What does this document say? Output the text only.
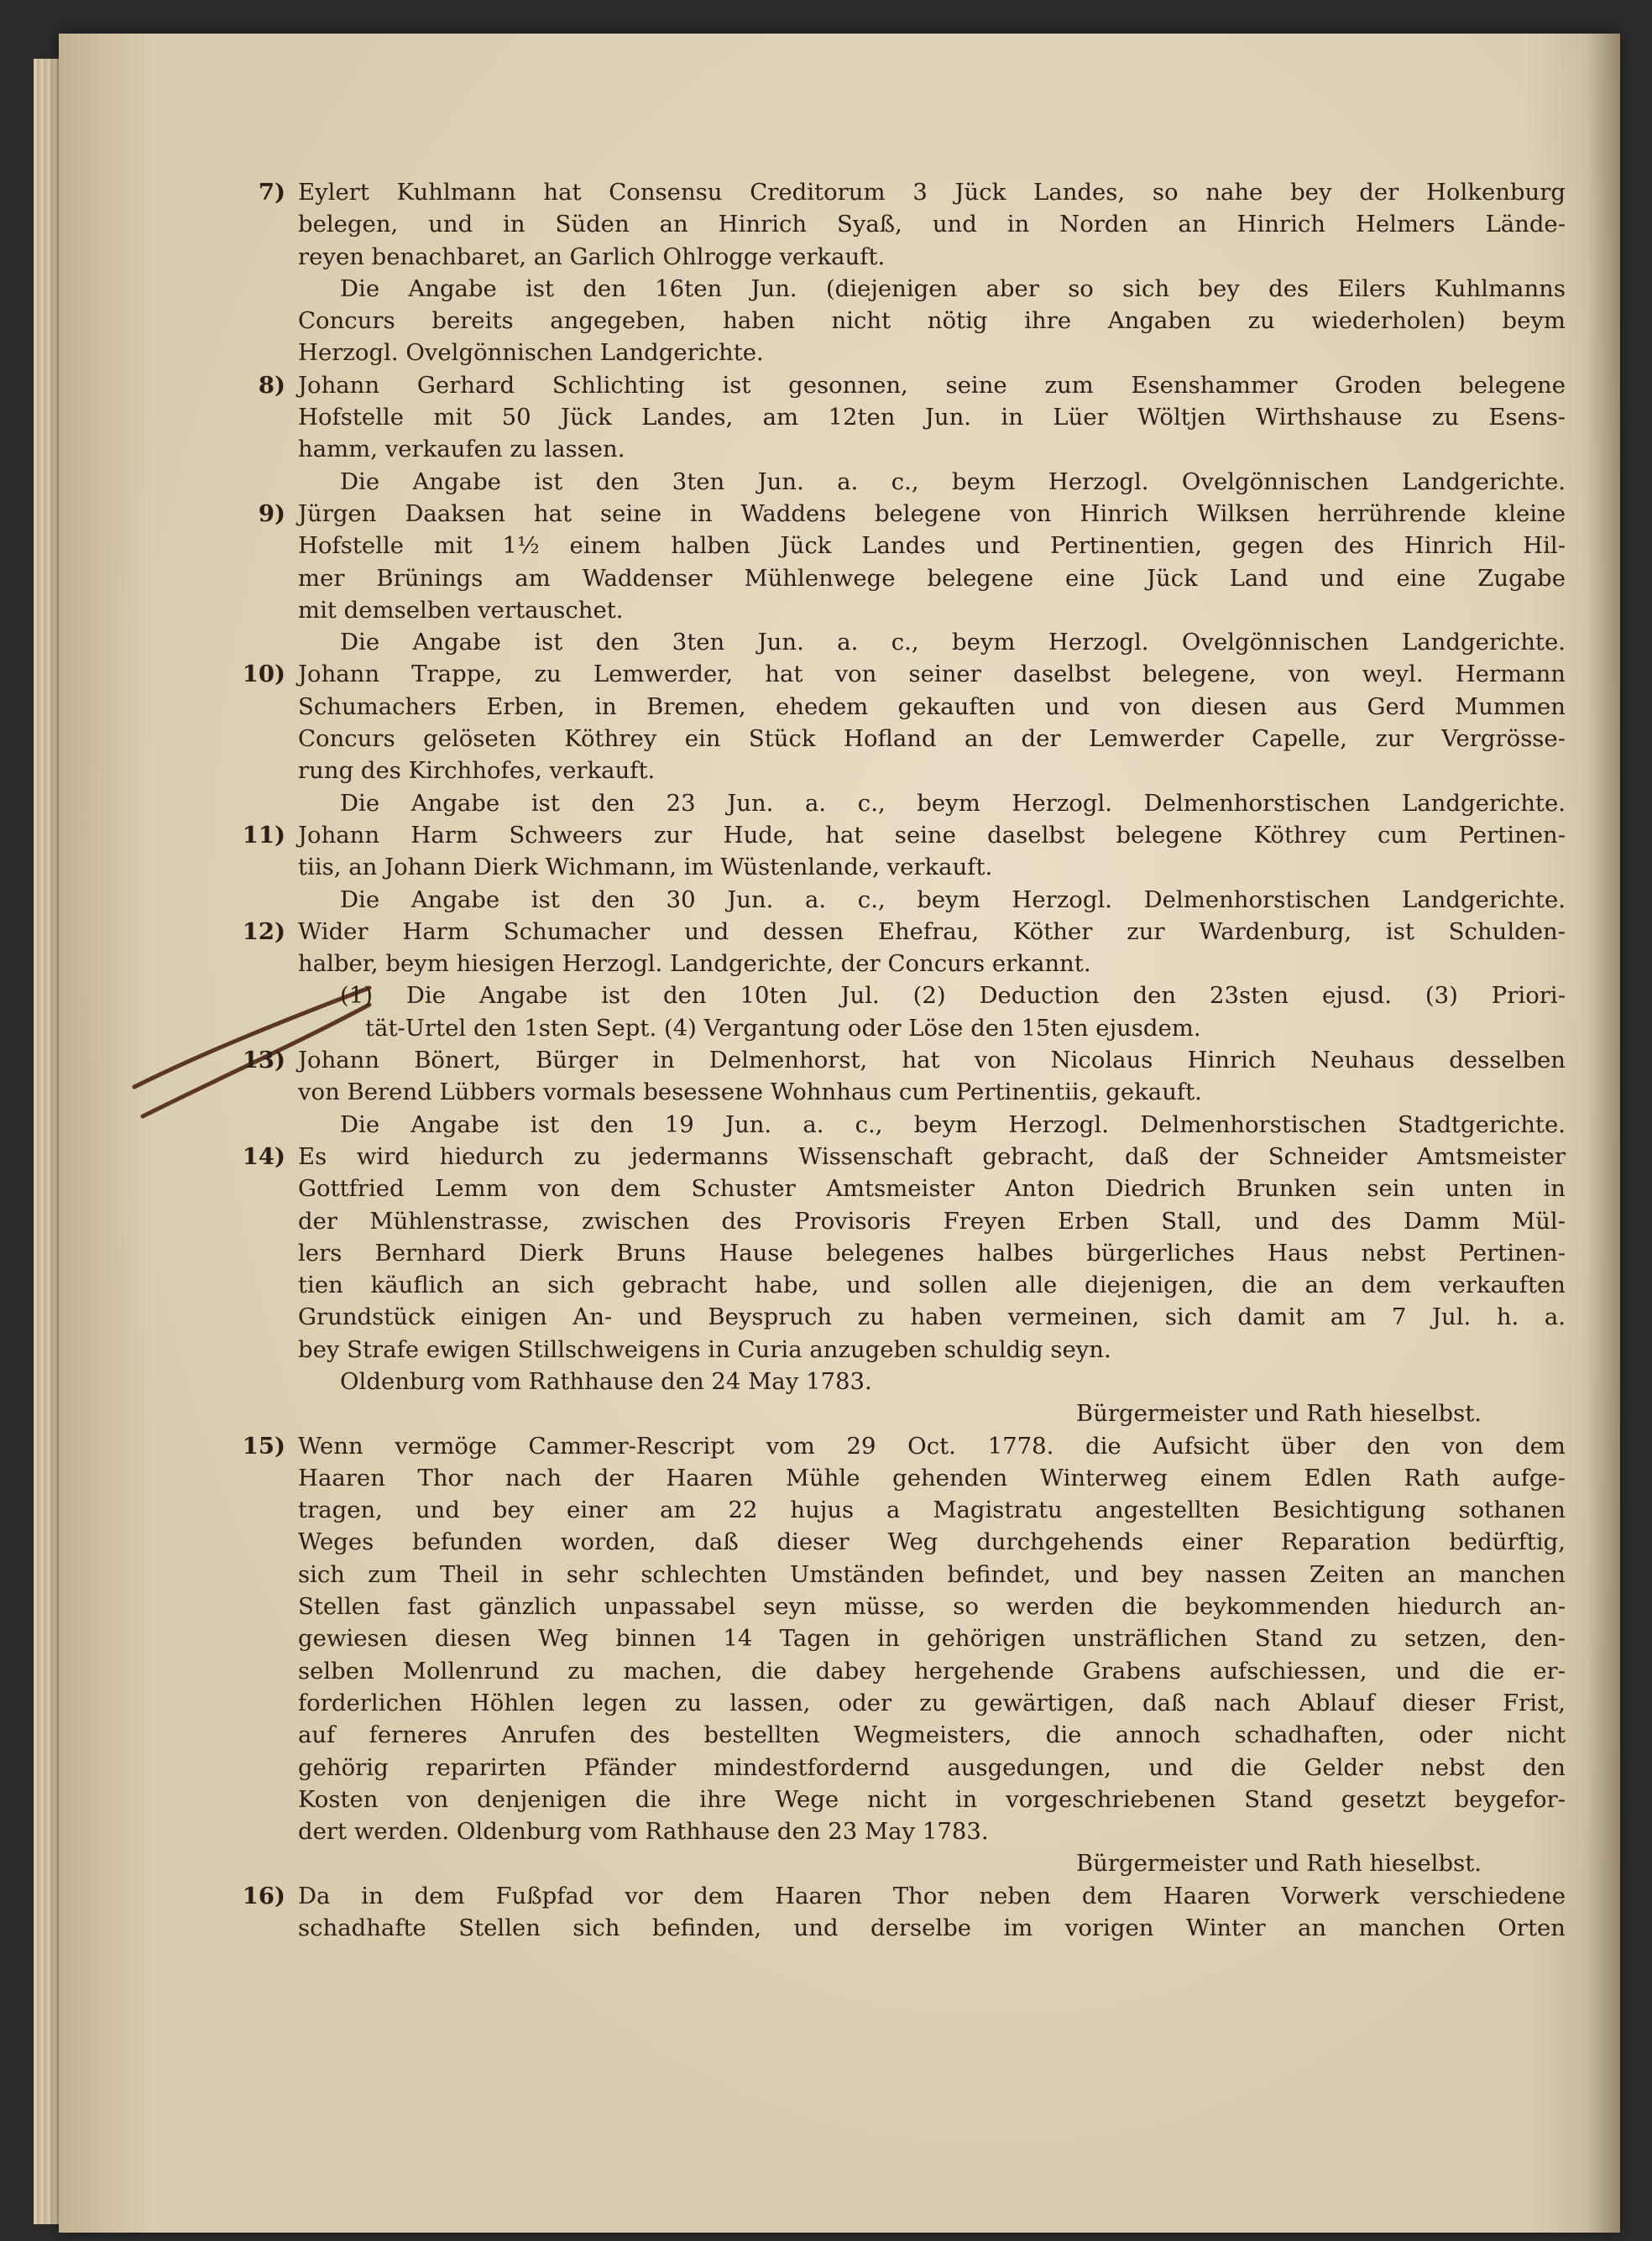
7) Eylert Kuhlmann hat Consensu Creditorum 3 Jück Landes, so nahe bey der Holkenburg
belegen, und in Süden an Hinrich Syaß, und in Norden an Hinrich Helmers Lände-
reyen benachbaret, an Garlich Ohlrogge verkauft.
Die Angabe ist den 16ten Jun. (diejenigen aber so sich bey des Eilers Kuhlmanns
Concurs bereits angegeben, haben nicht nötig ihre Angaben zu wiederholen) beym
Herzogl. Ovelgönnischen Landgerichte.
8) Johann Gerhard Schlichting ist gesonnen, seine zum Esenshammer Groden belegene
Hofstelle mit 50 Jück Landes, am 12ten Jun. in Lüer Wöltjen Wirthshause zu Esens-
hamm, verkaufen zu lassen.
Die Angabe ist den 3ten Jun. a. c., beym Herzogl. Ovelgönnischen Landgerichte.
9) Jürgen Daaksen hat seine in Waddens belegene von Hinrich Wilksen herrührende kleine
Hofstelle mit 1½ einem halben Jück Landes und Pertinentien, gegen des Hinrich Hil-
mer Brünings am Waddenser Mühlenwege belegene eine Jück Land und eine Zugabe
mit demselben vertauschet.
Die Angabe ist den 3ten Jun. a. c., beym Herzogl. Ovelgönnischen Landgerichte.
10) Johann Trappe, zu Lemwerder, hat von seiner daselbst belegene, von weyl. Hermann
Schumachers Erben, in Bremen, ehedem gekauften und von diesen aus Gerd Mummen
Concurs gelöseten Köthrey ein Stück Hofland an der Lemwerder Capelle, zur Vergrösse-
rung des Kirchhofes, verkauft.
Die Angabe ist den 23 Jun. a. c., beym Herzogl. Delmenhorstischen Landgerichte.
11) Johann Harm Schweers zur Hude, hat seine daselbst belegene Köthrey cum Pertinen-
tiis, an Johann Dierk Wichmann, im Wüstenlande, verkauft.
Die Angabe ist den 30 Jun. a. c., beym Herzogl. Delmenhorstischen Landgerichte.
12) Wider Harm Schumacher und dessen Ehefrau, Köther zur Wardenburg, ist Schulden-
halber, beym hiesigen Herzogl. Landgerichte, der Concurs erkannt.
(1) Die Angabe ist den 10ten Jul. (2) Deduction den 23sten ejusd. (3) Priori-
tät-Urtel den 1sten Sept. (4) Vergantung oder Löse den 15ten ejusdem.
13) Johann Bönert, Bürger in Delmenhorst, hat von Nicolaus Hinrich Neuhaus desselben
von Berend Lübbers vormals besessene Wohnhaus cum Pertinentiis, gekauft.
Die Angabe ist den 19 Jun. a. c., beym Herzogl. Delmenhorstischen Stadtgerichte.
14) Es wird hiedurch zu jedermanns Wissenschaft gebracht, daß der Schneider Amtsmeister
Gottfried Lemm von dem Schuster Amtsmeister Anton Diedrich Brunken sein unten in
der Mühlenstrasse, zwischen des Provisoris Freyen Erben Stall, und des Damm Mül-
lers Bernhard Dierk Bruns Hause belegenes halbes bürgerliches Haus nebst Pertinen-
tien käuflich an sich gebracht habe, und sollen alle diejenigen, die an dem verkauften
Grundstück einigen An- und Beyspruch zu haben vermeinen, sich damit am 7 Jul. h. a.
bey Strafe ewigen Stillschweigens in Curia anzugeben schuldig seyn.
Oldenburg vom Rathhause den 24 May 1783.
Bürgermeister und Rath hieselbst.
15) Wenn vermöge Cammer-Rescript vom 29 Oct. 1778. die Aufsicht über den von dem
Haaren Thor nach der Haaren Mühle gehenden Winterweg einem Edlen Rath aufge-
tragen, und bey einer am 22 hujus a Magistratu angestellten Besichtigung sothanen
Weges befunden worden, daß dieser Weg durchgehends einer Reparation bedürftig,
sich zum Theil in sehr schlechten Umständen befindet, und bey nassen Zeiten an manchen
Stellen fast gänzlich unpassabel seyn müsse, so werden die beykommenden hiedurch an-
gewiesen diesen Weg binnen 14 Tagen in gehörigen unsträflichen Stand zu setzen, den-
selben Mollenrund zu machen, die dabey hergehende Grabens aufschiessen, und die er-
forderlichen Höhlen legen zu lassen, oder zu gewärtigen, daß nach Ablauf dieser Frist,
auf ferneres Anrufen des bestellten Wegmeisters, die annoch schadhaften, oder nicht
gehörig reparirten Pfänder mindestfordernd ausgedungen, und die Gelder nebst den
Kosten von denjenigen die ihre Wege nicht in vorgeschriebenen Stand gesetzt beygefor-
dert werden. Oldenburg vom Rathhause den 23 May 1783.
Bürgermeister und Rath hieselbst.
16) Da in dem Fußpfad vor dem Haaren Thor neben dem Haaren Vorwerk verschiedene
schadhafte Stellen sich befinden, und derselbe im vorigen Winter an manchen Orten
